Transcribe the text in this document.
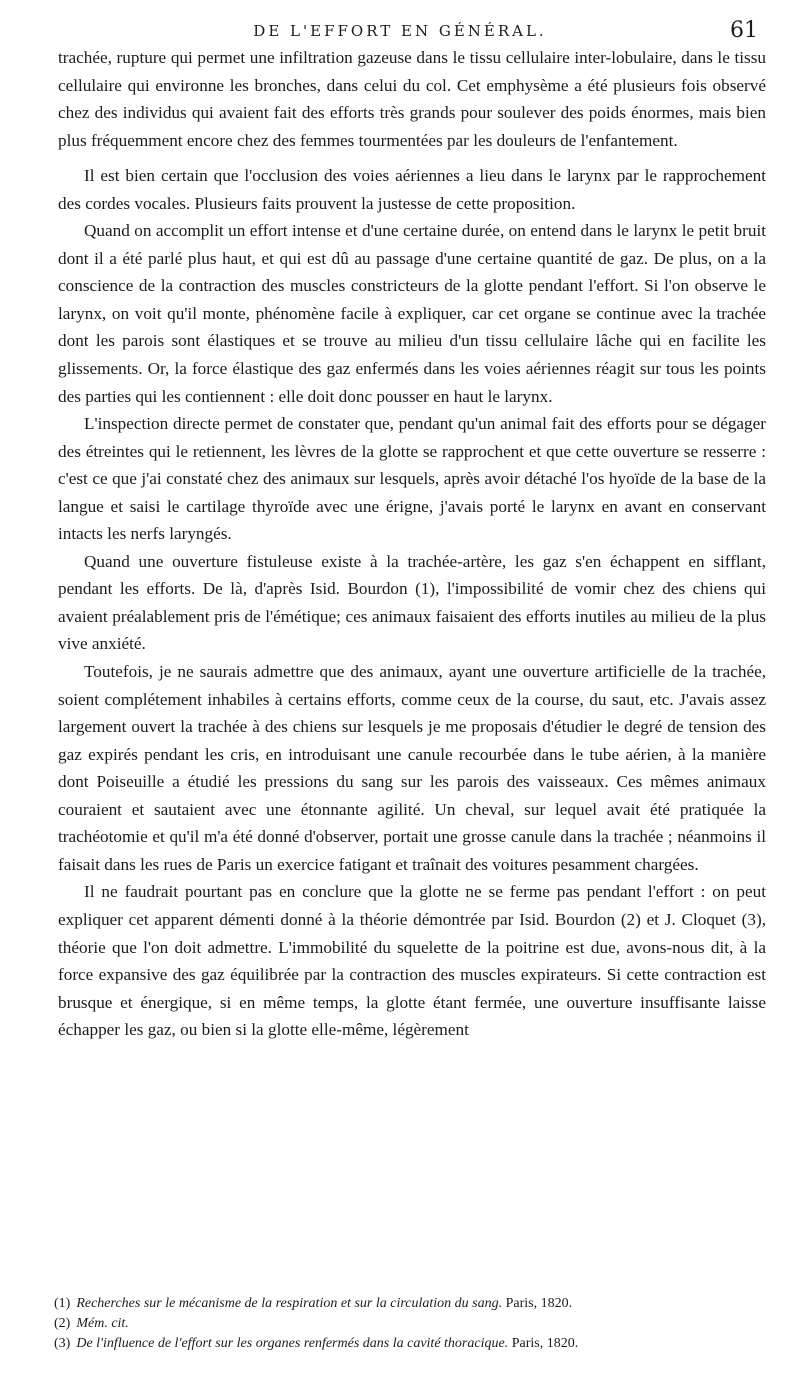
DE L'EFFORT EN GÉNÉRAL.	61

trachée, rupture qui permet une infiltration gazeuse dans le tissu cellulaire inter-lobulaire, dans le tissu cellulaire qui environne les bronches, dans celui du col. Cet emphysème a été plusieurs fois observé chez des individus qui avaient fait des efforts très grands pour soulever des poids énormes, mais bien plus fréquemment encore chez des femmes tourmentées par les douleurs de l'enfantement.

Il est bien certain que l'occlusion des voies aériennes a lieu dans le larynx par le rapprochement des cordes vocales. Plusieurs faits prouvent la justesse de cette proposition.

Quand on accomplit un effort intense et d'une certaine durée, on entend dans le larynx le petit bruit dont il a été parlé plus haut, et qui est dû au passage d'une certaine quantité de gaz. De plus, on a la conscience de la contraction des muscles constricteurs de la glotte pendant l'effort. Si l'on observe le larynx, on voit qu'il monte, phénomène facile à expliquer, car cet organe se continue avec la trachée dont les parois sont élastiques et se trouve au milieu d'un tissu cellulaire lâche qui en facilite les glissements. Or, la force élastique des gaz enfermés dans les voies aériennes réagit sur tous les points des parties qui les contiennent : elle doit donc pousser en haut le larynx.

L'inspection directe permet de constater que, pendant qu'un animal fait des efforts pour se dégager des étreintes qui le retiennent, les lèvres de la glotte se rapprochent et que cette ouverture se resserre : c'est ce que j'ai constaté chez des animaux sur lesquels, après avoir détaché l'os hyoïde de la base de la langue et saisi le cartilage thyroïde avec une érigne, j'avais porté le larynx en avant en conservant intacts les nerfs laryngés.

Quand une ouverture fistuleuse existe à la trachée-artère, les gaz s'en échappent en sifflant, pendant les efforts. De là, d'après Isid. Bourdon (1), l'impossibilité de vomir chez des chiens qui avaient préalablement pris de l'émétique; ces animaux faisaient des efforts inutiles au milieu de la plus vive anxiété.

Toutefois, je ne saurais admettre que des animaux, ayant une ouverture artificielle de la trachée, soient complétement inhabiles à certains efforts, comme ceux de la course, du saut, etc. J'avais assez largement ouvert la trachée à des chiens sur lesquels je me proposais d'étudier le degré de tension des gaz expirés pendant les cris, en introduisant une canule recourbée dans le tube aérien, à la manière dont Poiseuille a étudié les pressions du sang sur les parois des vaisseaux. Ces mêmes animaux couraient et sautaient avec une étonnante agilité. Un cheval, sur lequel avait été pratiquée la trachéotomie et qu'il m'a été donné d'observer, portait une grosse canule dans la trachée ; néanmoins il faisait dans les rues de Paris un exercice fatigant et traînait des voitures pesamment chargées.

Il ne faudrait pourtant pas en conclure que la glotte ne se ferme pas pendant l'effort : on peut expliquer cet apparent démenti donné à la théorie démontrée par Isid. Bourdon (2) et J. Cloquet (3), théorie que l'on doit admettre. L'immobilité du squelette de la poitrine est due, avons-nous dit, à la force expansive des gaz équilibrée par la contraction des muscles expirateurs. Si cette contraction est brusque et énergique, si en même temps, la glotte étant fermée, une ouverture insuffisante laisse échapper les gaz, ou bien si la glotte elle-même, légèrement

(1) Recherches sur le mécanisme de la respiration et sur la circulation du sang. Paris, 1820.
(2) Mém. cit.
(3) De l'influence de l'effort sur les organes renfermés dans la cavité thoracique. Paris, 1820.
